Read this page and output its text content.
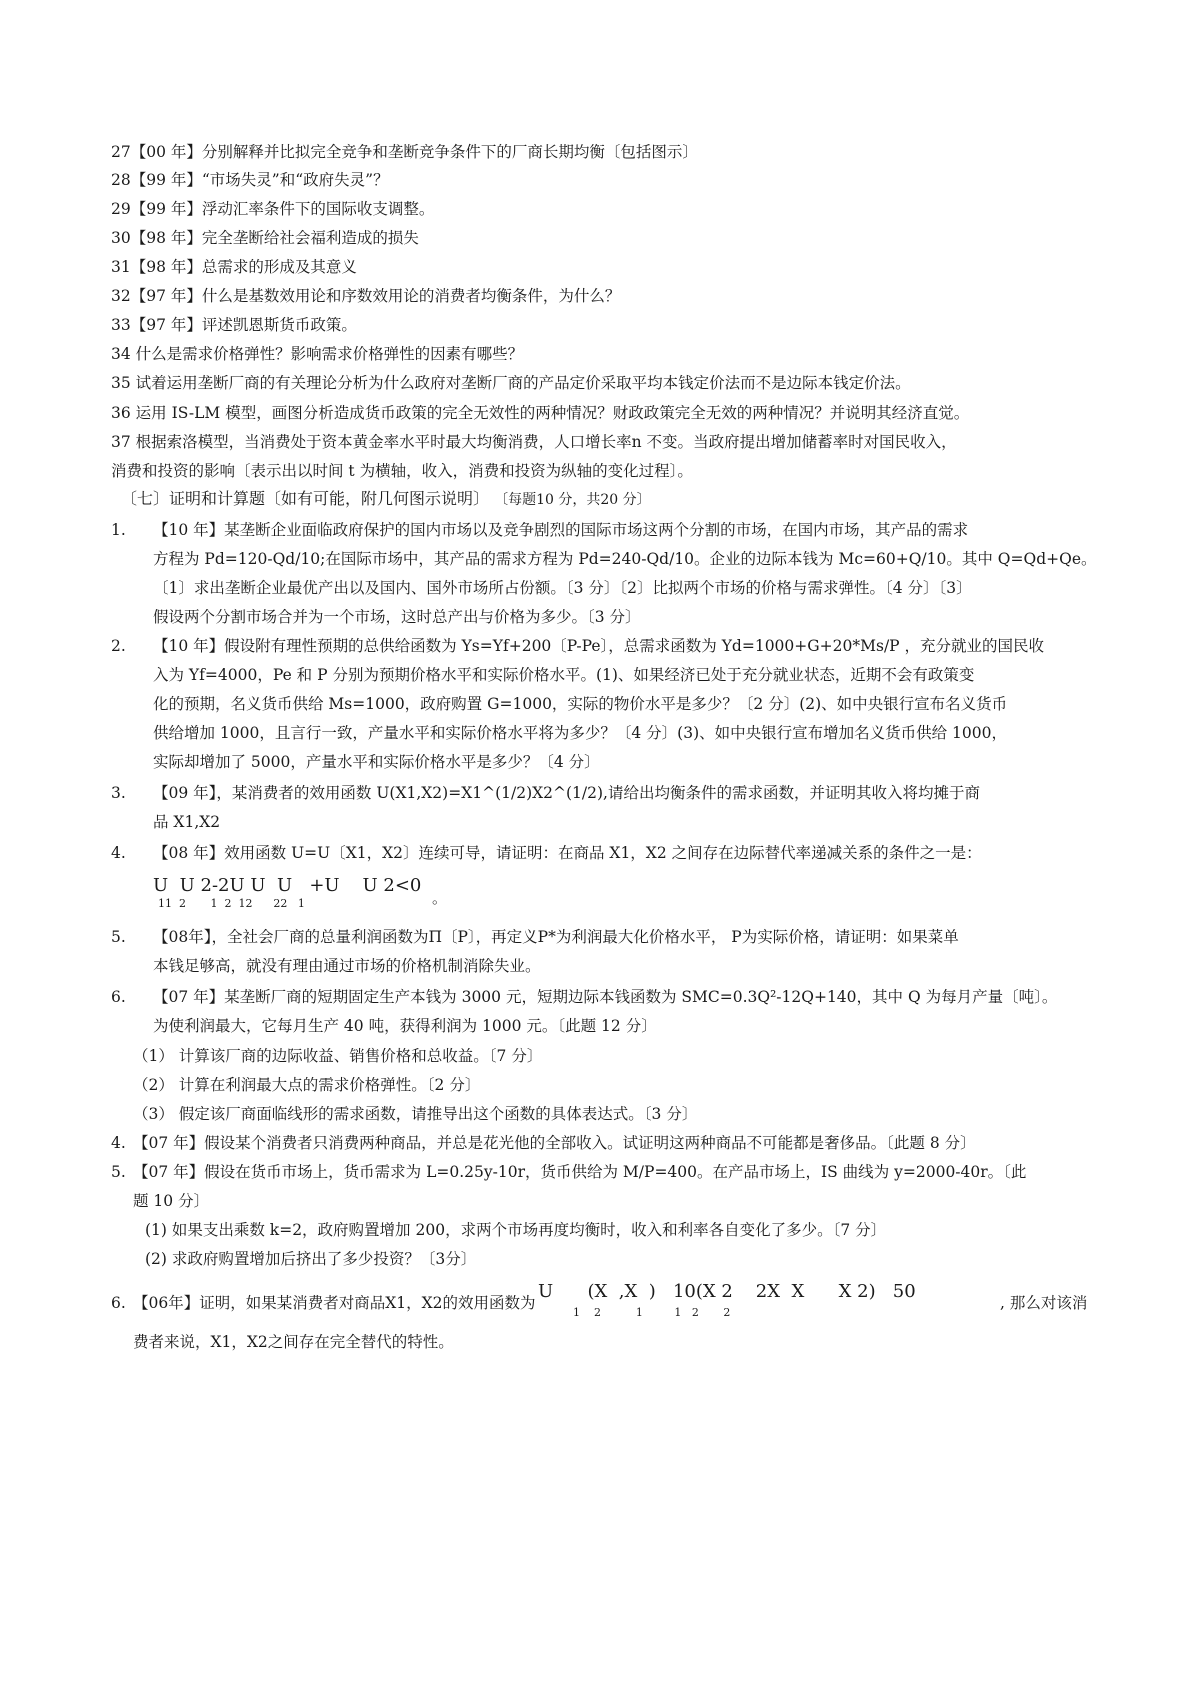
27【00 年】分别解释并比拟完全竞争和垄断竞争条件下的厂商长期均衡〔包括图示〕
28【99 年】“市场失灵”和“政府失灵”？
29【99 年】浮动汇率条件下的国际收支调整。
30【98 年】完全垄断给社会福利造成的损失
31【98 年】总需求的形成及其意义
32【97 年】什么是基数效用论和序数效用论的消费者均衡条件，为什么？
33【97 年】评述凯恩斯货币政策。
34 什么是需求价格弹性？影响需求价格弹性的因素有哪些？
35 试着运用垄断厂商的有关理论分析为什么政府对垄断厂商的产品定价采取平均本钱定价法而不是边际本钱定价法。
36 运用 IS-LM 模型，画图分析造成货币政策的完全无效性的两种情况？财政政策完全无效的两种情况？并说明其经济直觉。
37 根据索洛模型，当消费处于资本黄金率水平时最大均衡消费，人口增长率n 不变。当政府提出增加储蓄率时对国民收入，
消费和投资的影响〔表示出以时间 t 为横轴，收入，消费和投资为纵轴的变化过程〕。
〔七〕证明和计算题〔如有可能，附几何图示说明〕 〔每题10 分，共20 分〕
1. 【10 年】某垄断企业面临政府保护的国内市场以及竞争剧烈的国际市场这两个分割的市场，在国内市场，其产品的需求
方程为 Pd=120-Qd/10;在国际市场中，其产品的需求方程为 Pd=240-Qd/10。企业的边际本钱为 Mc=60+Q/10。其中 Q=Qd+Qe。
〔1〕求出垄断企业最优产出以及国内、国外市场所占份额。〔3 分〕〔2〕比拟两个市场的价格与需求弹性。〔4 分〕〔3〕
假设两个分割市场合并为一个市场，这时总产出与价格为多少。〔3 分〕
2. 【10 年】假设附有理性预期的总供给函数为 Ys=Yf+200〔P-Pe〕，总需求函数为 Yd=1000+G+20*Ms/P ，充分就业的国民收
入为 Yf=4000，Pe 和 P 分别为预期价格水平和实际价格水平。(1)、如果经济已处于充分就业状态，近期不会有政策变
化的预期，名义货币供给 Ms=1000，政府购置 G=1000，实际的物价水平是多少？〔2 分〕(2)、如中央银行宣布名义货币
供给增加 1000，且言行一致，产量水平和实际价格水平将为多少？〔4 分〕(3)、如中央银行宣布增加名义货币供给 1000，
实际却增加了 5000，产量水平和实际价格水平是多少？〔4 分〕
3. 【09 年】，某消费者的效用函数 U(X1,X2)=X1^(1/2)X2^(1/2),请给出均衡条件的需求函数，并证明其收入将均摊于商
品 X1,X2
4. 【08 年】效用函数 U=U〔X1，X2〕连续可导，请证明：在商品 X1，X2 之间存在边际替代率递减关系的条件之一是：
U  U 2-2U U  U   +U    U 2<0
11  2       1  2  12      22   1	。
5. 【08年】，全社会厂商的总量利润函数为Π〔P〕，再定义P*为利润最大化价格水平， P为实际价格，请证明：如果菜单
本钱足够高，就没有理由通过市场的价格机制消除失业。
6. 【07 年】某垄断厂商的短期固定生产本钱为 3000 元，短期边际本钱函数为 SMC=0.3Q²-12Q+140，其中 Q 为每月产量〔吨〕。
为使利润最大，它每月生产 40 吨，获得利润为 1000 元。〔此题 12 分〕
（1） 计算该厂商的边际收益、销售价格和总收益。〔7 分〕
（2） 计算在利润最大点的需求价格弹性。〔2 分〕
（3） 假定该厂商面临线形的需求函数，请推导出这个函数的具体表达式。〔3 分〕
4. 【07 年】假设某个消费者只消费两种商品，并总是花光他的全部收入。试证明这两种商品不可能都是奢侈品。〔此题 8 分〕
5. 【07 年】假设在货币市场上，货币需求为 L=0.25y-10r，货币供给为 M/P=400。在产品市场上，IS 曲线为 y=2000-40r。〔此
题 10 分〕
(1) 如果支出乘数 k=2，政府购置增加 200，求两个市场再度均衡时，收入和利率各自变化了多少。〔7 分〕
(2) 求政府购置增加后挤出了多少投资？〔3分〕
6. 【06年】证明，如果某消费者对商品X1，X2的效用函数为
U      (X  ,X  )   10(X 2    2X  X      X 2)   50
1    2          1         1   2       2
, 那么对该消
费者来说，X1，X2之间存在完全替代的特性。
